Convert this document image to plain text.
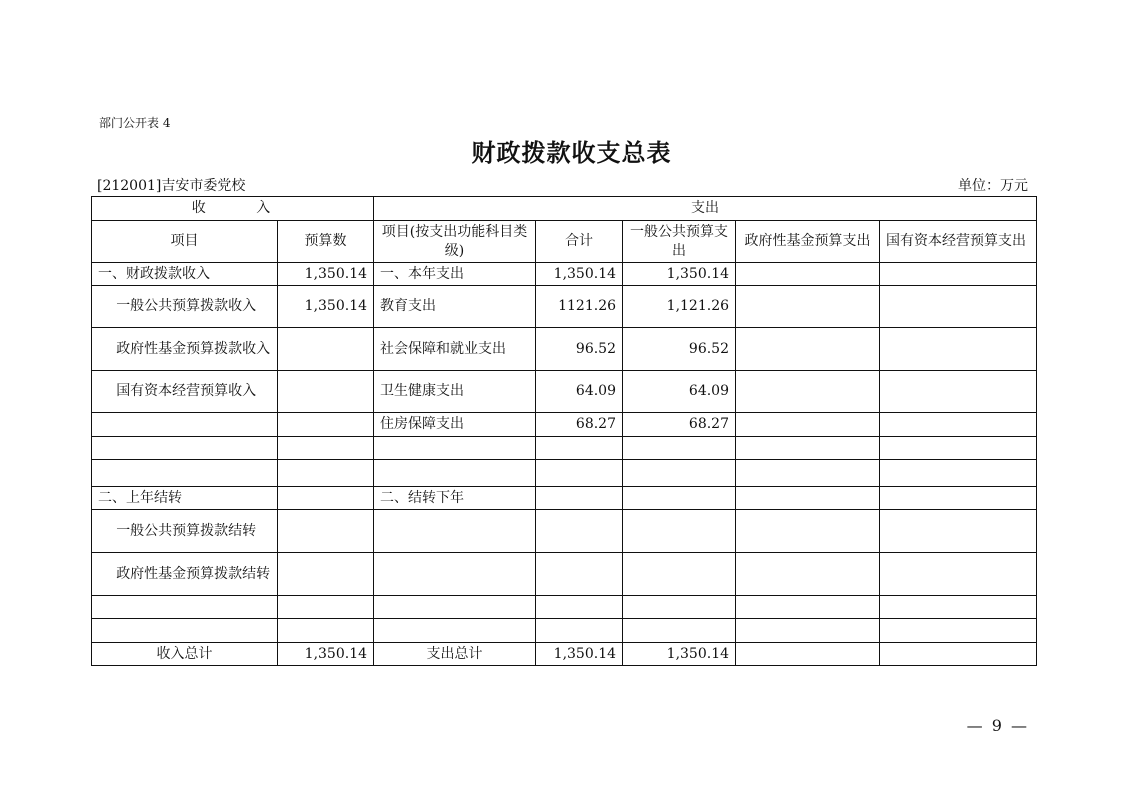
部门公开表 4
财政拨款收支总表
[212001]吉安市委党校	单位：万元
收 入		支出				
项目	预算数	项目(按支出功能科目类级)	合计	一般公共预算支出	政府性基金预算支出	国有资本经营预算支出
一、财政拨款收入	1,350.14	一、本年支出	1,350.14	1,350.14		
一般公共预算拨款收入	1,350.14	教育支出	1121.26	1,121.26		
政府性基金预算拨款收入		社会保障和就业支出	96.52	96.52		
国有资本经营预算收入		卫生健康支出	64.09	64.09		
		住房保障支出	68.27	68.27		

二、上年结转		二、结转下年				
一般公共预算拨款结转						
政府性基金预算拨款结转						

收入总计	1,350.14	支出总计	1,350.14	1,350.14		
— 9 —
